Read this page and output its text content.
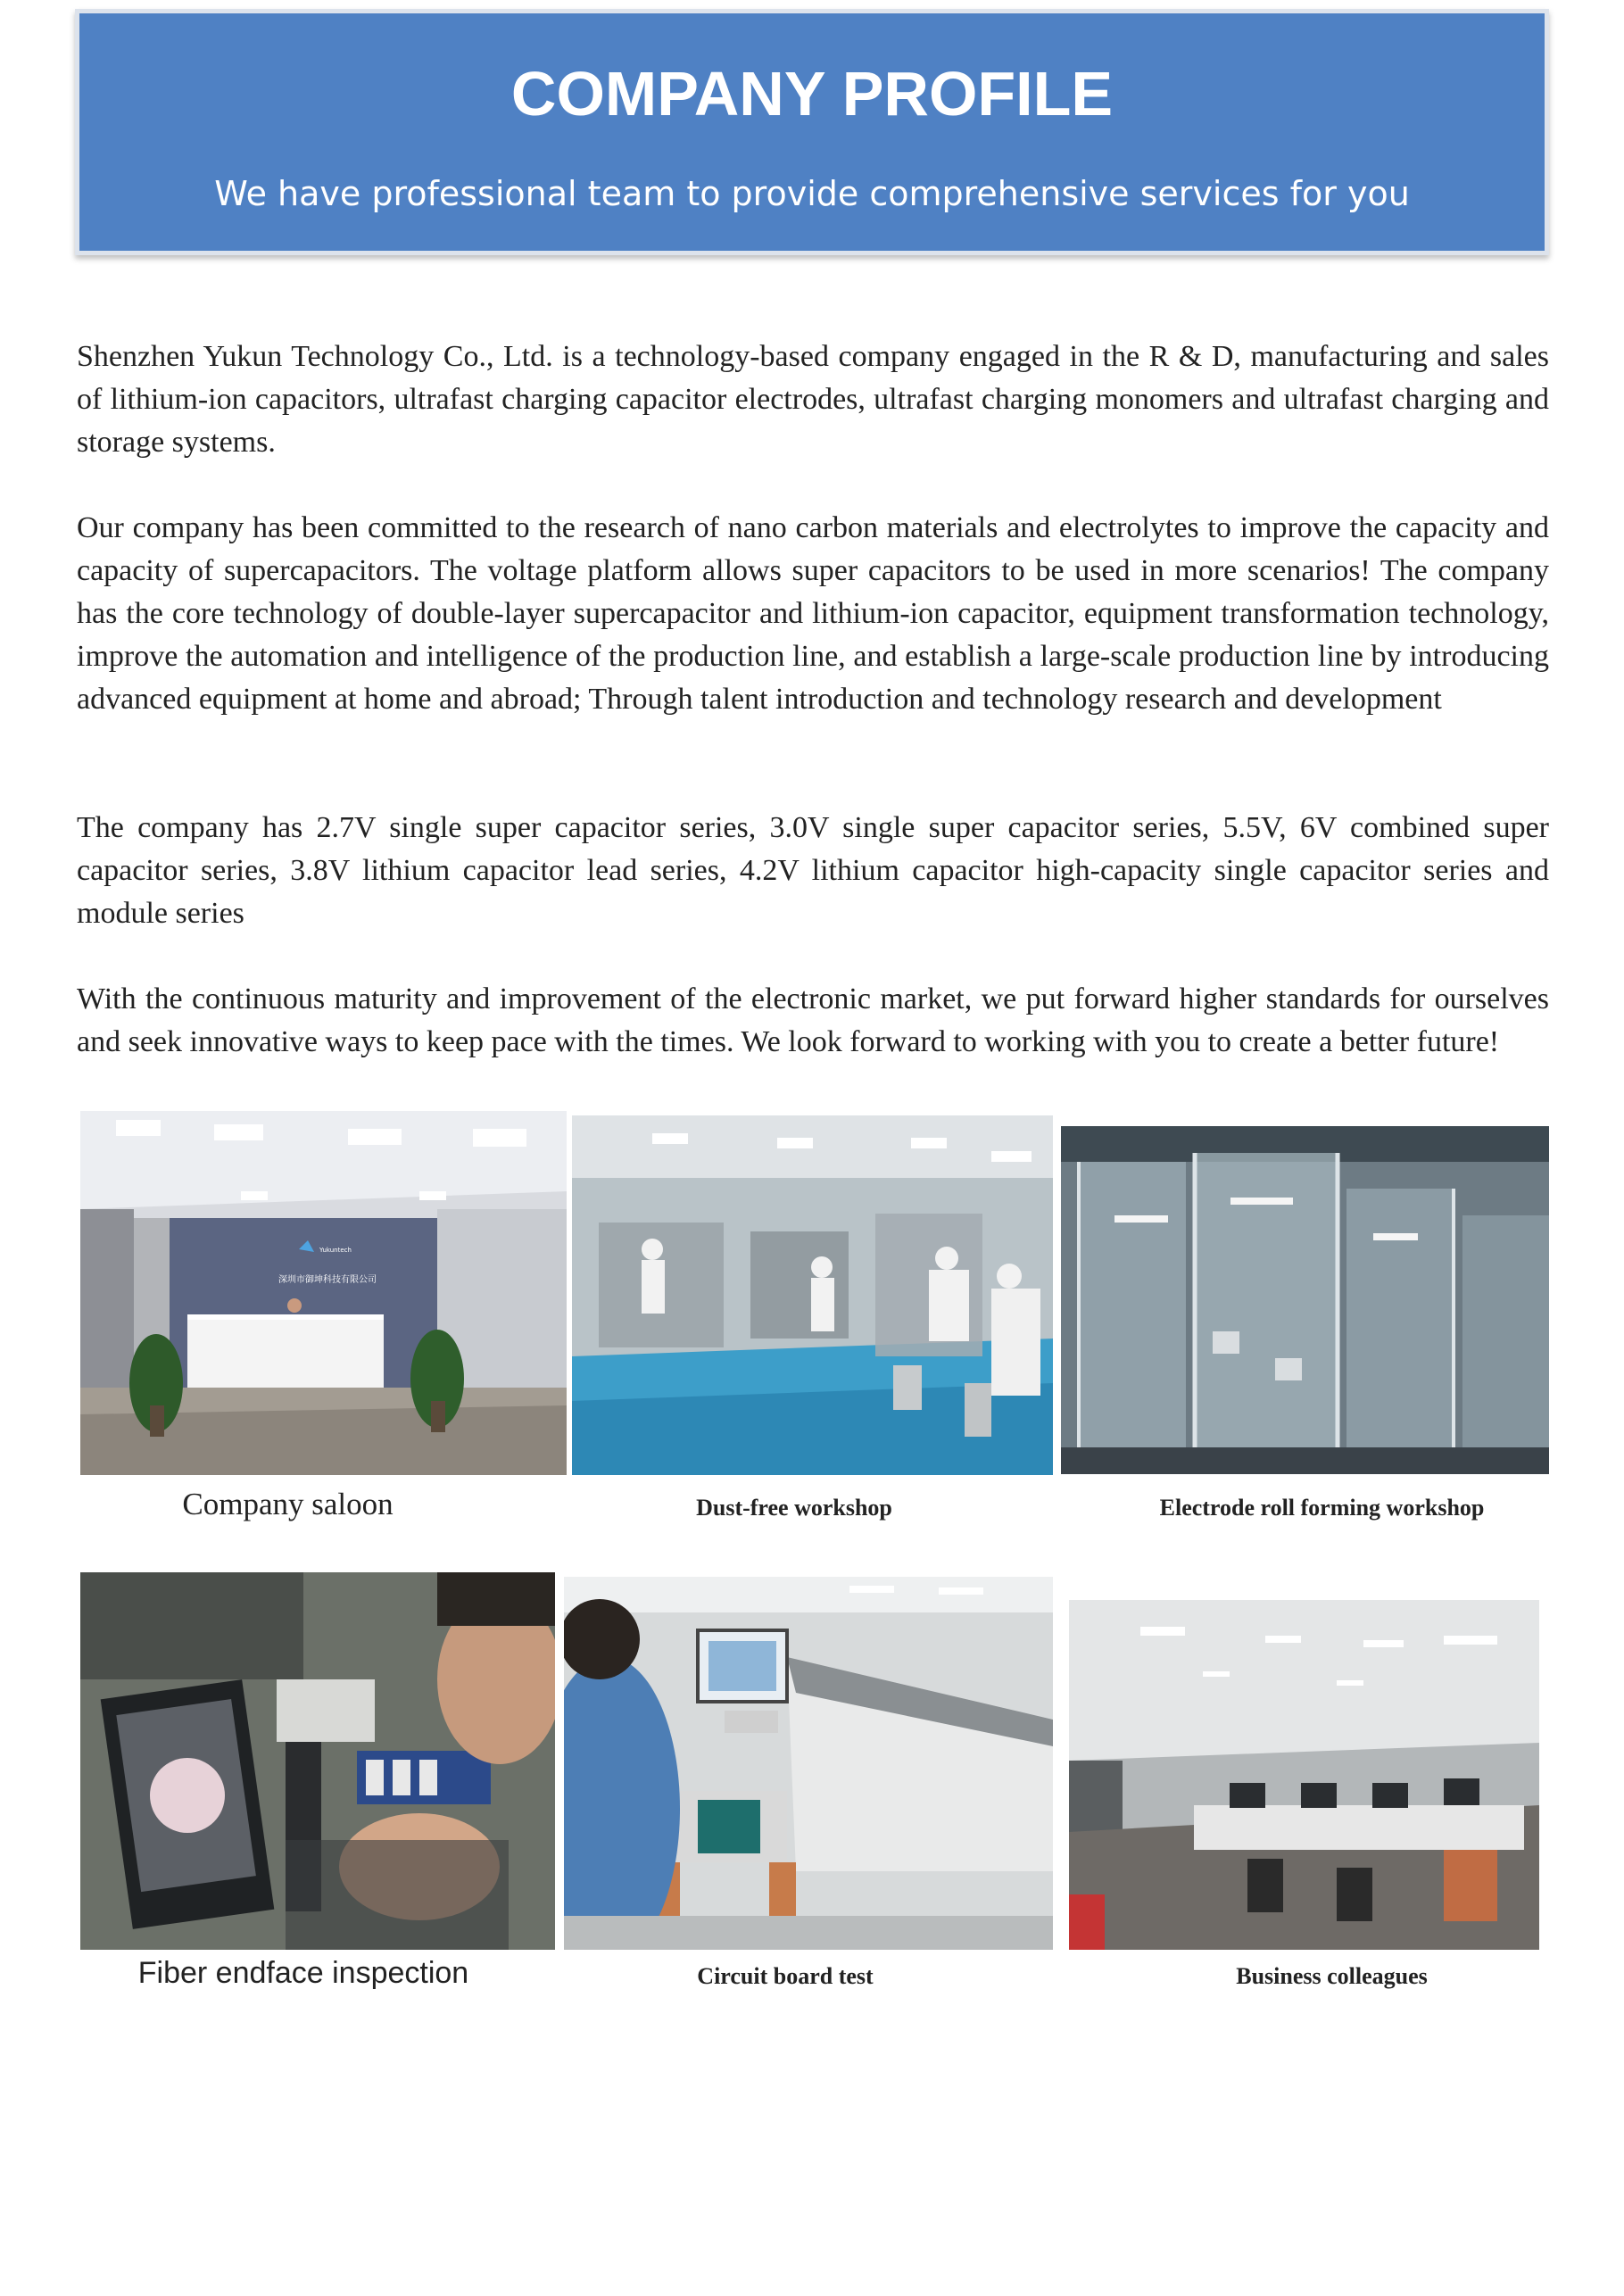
COMPANY PROFILE
We have professional team to provide comprehensive services for you

Shenzhen Yukun Technology Co., Ltd. is a technology-based company engaged in the R & D, manufacturing and sales of lithium-ion capacitors, ultrafast charging capacitor electrodes, ultrafast charging monomers and ultrafast charging and storage systems.

Our company has been committed to the research of nano carbon materials and electrolytes to improve the capacity and capacity of supercapacitors. The voltage platform allows super capacitors to be used in more scenarios! The company has the core technology of double-layer supercapacitor and lithium-ion capacitor, equipment transformation technology, improve the automation and intelligence of the production line, and establish a large-scale production line by introducing advanced equipment at home and abroad; Through talent introduction and technology research and development

The company has 2.7V single super capacitor series, 3.0V single super capacitor series, 5.5V, 6V combined super capacitor series, 3.8V lithium capacitor lead series, 4.2V lithium capacitor high-capacity single capacitor series and module series

With the continuous maturity and improvement of the electronic market, we put forward higher standards for ourselves and seek innovative ways to keep pace with the times. We look forward to working with you to create a better future!

Yukuntech
深圳市御坤科技有限公司
Company saloon	Dust-free workshop	Electrode roll forming workshop
Fiber endface inspection	Circuit board test	Business colleagues
